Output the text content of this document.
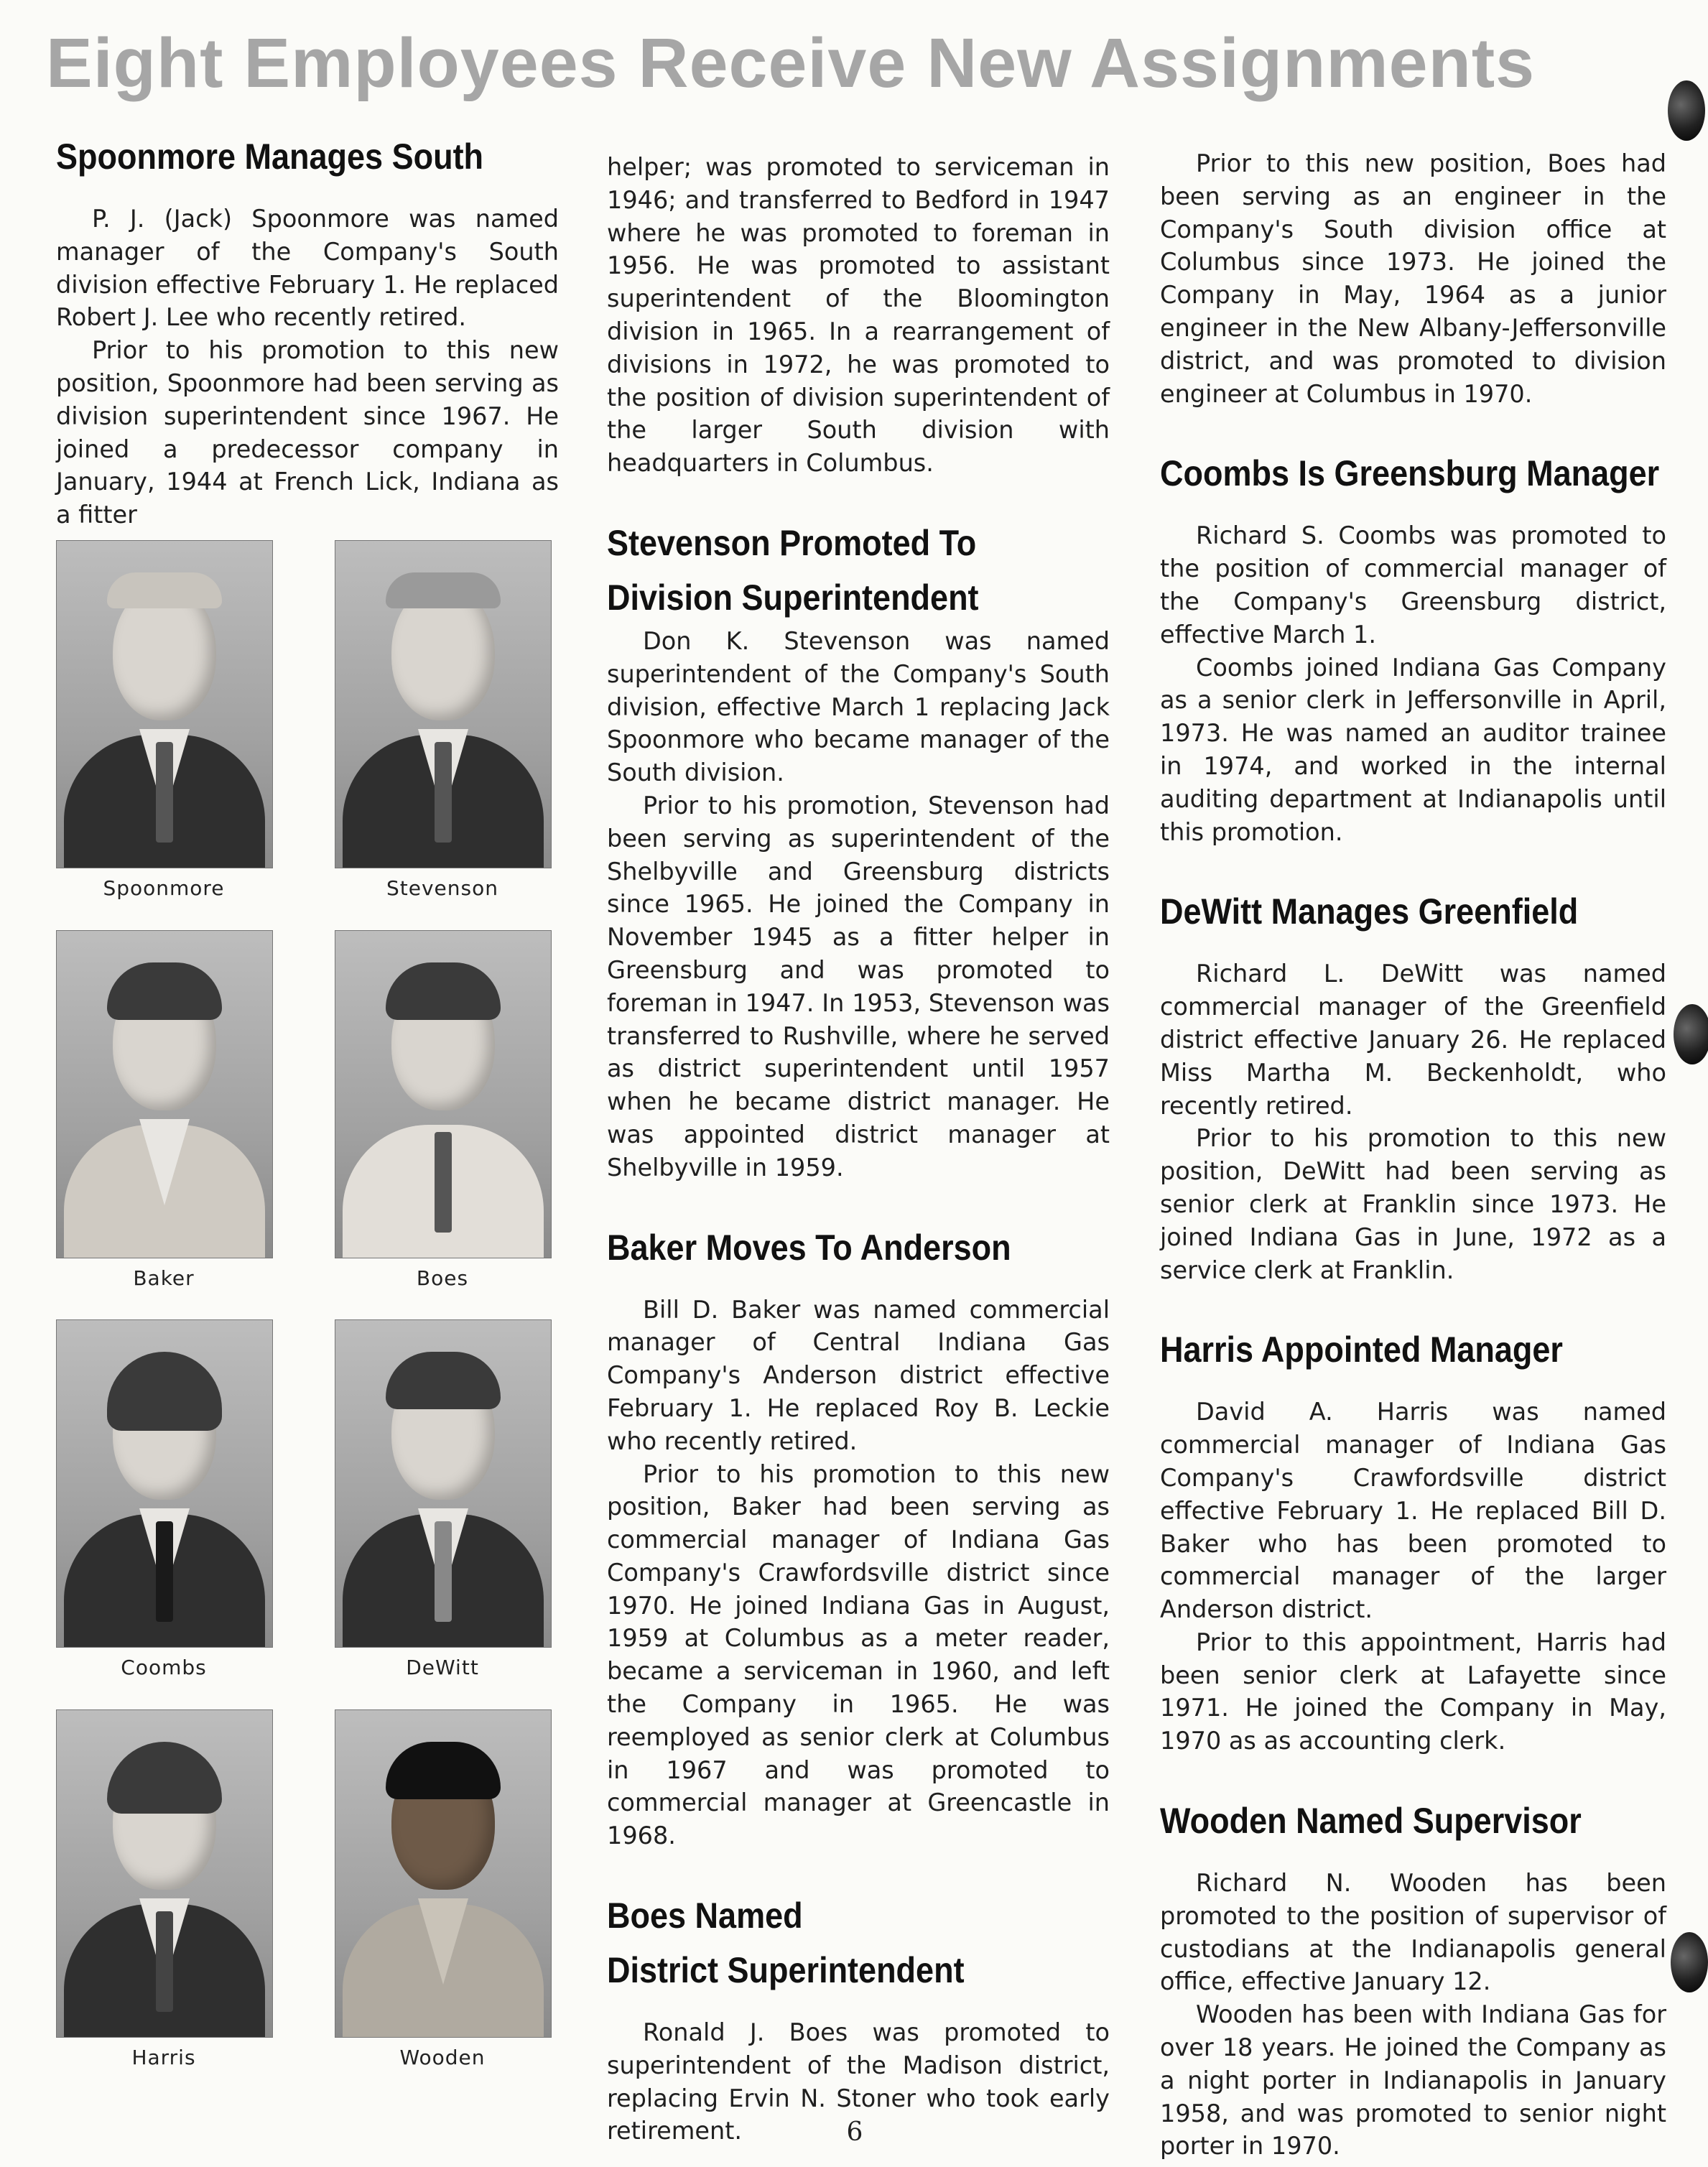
Eight Employees Receive New Assignments
Spoonmore Manages South

P. J. (Jack) Spoonmore was named manager of the Company's South division effective February 1. He replaced Robert J. Lee who recently retired.

Prior to his promotion to this new position, Spoonmore had been serving as division superintendent since 1967. He joined a predecessor company in January, 1944 at French Lick, Indiana as a fitter

Spoonmore	Stevenson
Baker	Boes
Coombs	DeWitt
Harris	Wooden

helper; was promoted to serviceman in 1946; and transferred to Bedford in 1947 where he was promoted to foreman in 1956. He was promoted to assistant superintendent of the Bloomington division in 1965. In a rearrangement of divisions in 1972, he was promoted to the position of division superintendent of the larger South division with headquarters in Columbus.

Stevenson Promoted To
Division Superintendent

Don K. Stevenson was named superintendent of the Company's South division, effective March 1 replacing Jack Spoonmore who became manager of the South division.

Prior to his promotion, Stevenson had been serving as superintendent of the Shelbyville and Greensburg districts since 1965. He joined the Company in November 1945 as a fitter helper in Greensburg and was promoted to foreman in 1947. In 1953, Stevenson was transferred to Rushville, where he served as district superintendent until 1957 when he became district manager. He was appointed district manager at Shelbyville in 1959.

Baker Moves To Anderson

Bill D. Baker was named commercial manager of Central Indiana Gas Company's Anderson district effective February 1. He replaced Roy B. Leckie who recently retired.

Prior to his promotion to this new position, Baker had been serving as commercial manager of Indiana Gas Company's Crawfordsville district since 1970. He joined Indiana Gas in August, 1959 at Columbus as a meter reader, became a serviceman in 1960, and left the Company in 1965. He was reemployed as senior clerk at Columbus in 1967 and was promoted to commercial manager at Greencastle in 1968.

Boes Named
District Superintendent

Ronald J. Boes was promoted to superintendent of the Madison district, replacing Ervin N. Stoner who took early retirement.

Prior to this new position, Boes had been serving as an engineer in the Company's South division office at Columbus since 1973. He joined the Company in May, 1964 as a junior engineer in the New Albany-Jeffersonville district, and was promoted to division engineer at Columbus in 1970.

Coombs Is Greensburg Manager

Richard S. Coombs was promoted to the position of commercial manager of the Company's Greensburg district, effective March 1.

Coombs joined Indiana Gas Company as a senior clerk in Jeffersonville in April, 1973. He was named an auditor trainee in 1974, and worked in the internal auditing department at Indianapolis until this promotion.

DeWitt Manages Greenfield

Richard L. DeWitt was named commercial manager of the Greenfield district effective January 26. He replaced Miss Martha M. Beckenholdt, who recently retired.

Prior to his promotion to this new position, DeWitt had been serving as senior clerk at Franklin since 1973. He joined Indiana Gas in June, 1972 as a service clerk at Franklin.

Harris Appointed Manager

David A. Harris was named commercial manager of Indiana Gas Company's Crawfordsville district effective February 1. He replaced Bill D. Baker who has been promoted to commercial manager of the larger Anderson district.

Prior to this appointment, Harris had been senior clerk at Lafayette since 1971. He joined the Company in May, 1970 as as accounting clerk.

Wooden Named Supervisor

Richard N. Wooden has been promoted to the position of supervisor of custodians at the Indianapolis general office, effective January 12.

Wooden has been with Indiana Gas for over 18 years. He joined the Company as a night porter in Indianapolis in January 1958, and was promoted to senior night porter in 1970.

6
